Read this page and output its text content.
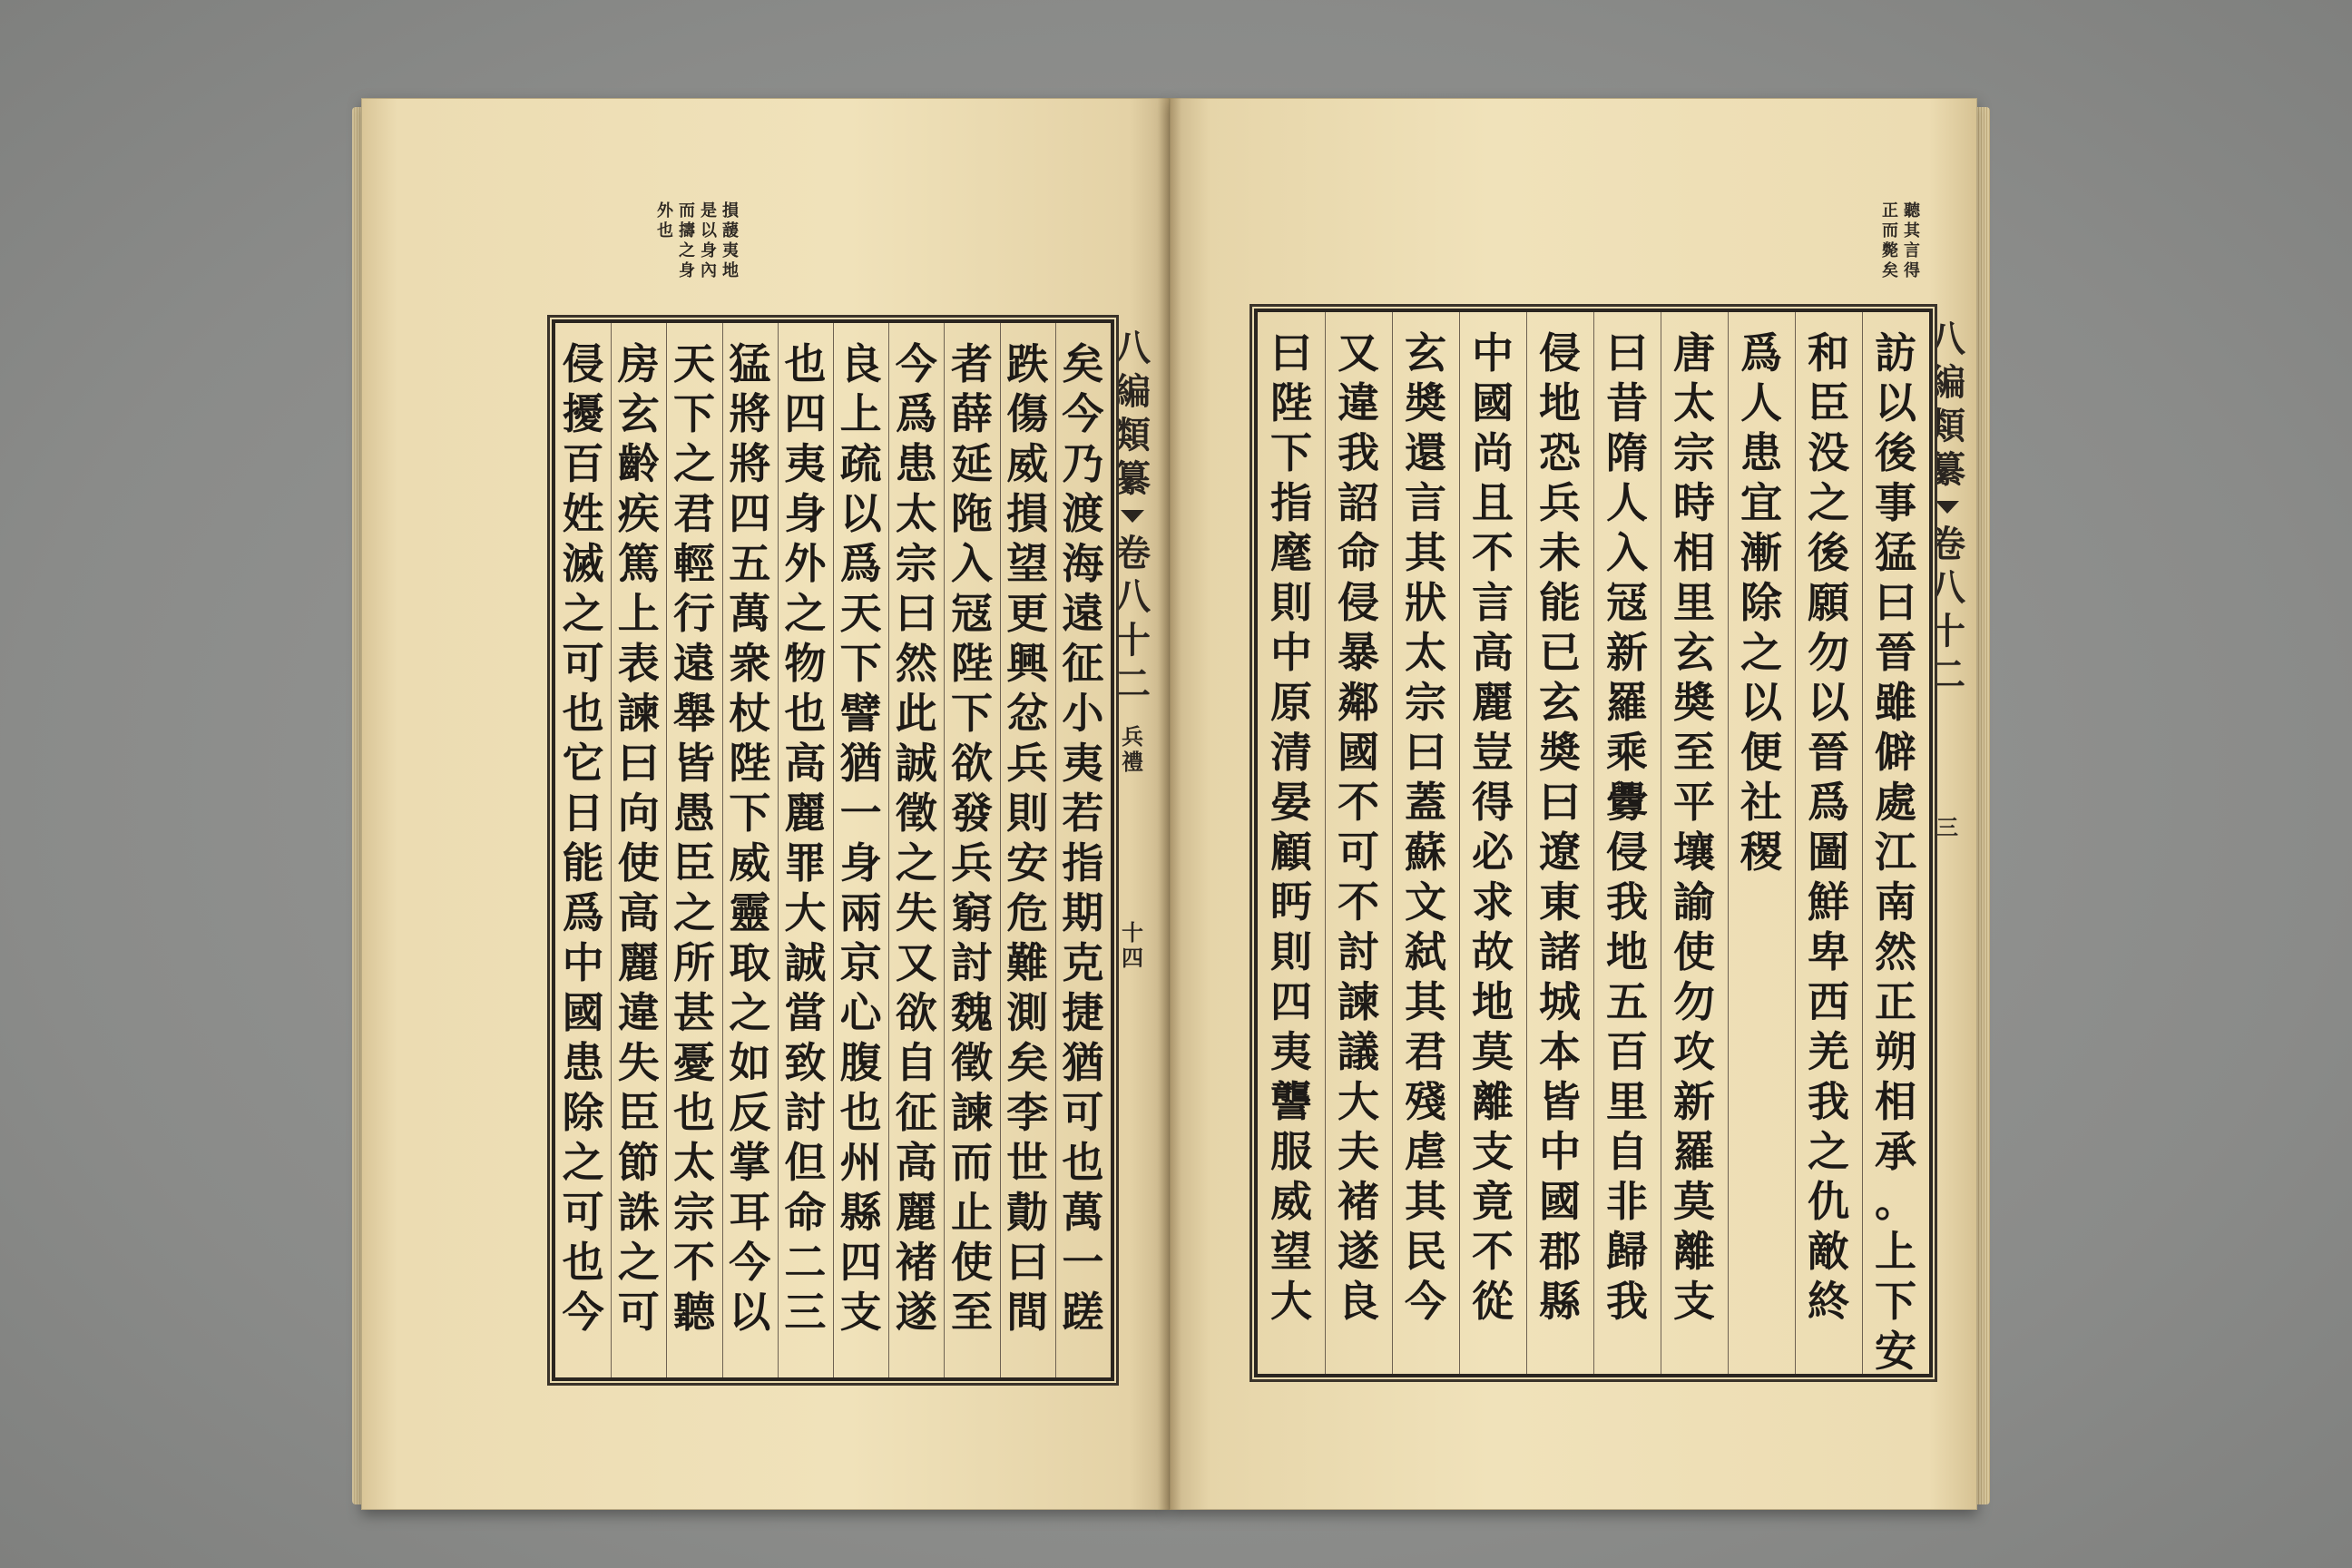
損
蘐
夷
地
是
以
身
內
而
擣
之
身
外
也
八
編
類
纂
卷
八
十
二
兵
禮
十
四
矣
今
乃
渡
海
遠
征
小
夷
若
指
期
克
捷
猶
可
也
萬
一
蹉
跌
傷
威
損
望
更
興
忿
兵
則
安
危
難
測
矣
李
世
勣
曰
間
者
薛
延
陁
入
冦
陛
下
欲
發
兵
窮
討
魏
徵
諫
而
止
使
至
今
爲
患
太
宗
曰
然
此
誠
徵
之
失
又
欲
自
征
高
麗
褚
遂
良
上
疏
以
爲
天
下
譬
猶
一
身
兩
京
心
腹
也
州
縣
四
支
也
四
夷
身
外
之
物
也
高
麗
罪
大
誠
當
致
討
但
命
二
三
猛
將
將
四
五
萬
衆
杖
陛
下
威
靈
取
之
如
反
掌
耳
今
以
天
下
之
君
輕
行
遠
舉
皆
愚
臣
之
所
甚
憂
也
太
宗
不
聽
房
玄
齡
疾
篤
上
表
諫
曰
向
使
高
麗
違
失
臣
節
誅
之
可
侵
擾
百
姓
滅
之
可
也
它
日
能
爲
中
國
患
除
之
可
也
今
聽
其
言
得
正
而
斃
矣
八
編
類
纂
卷
八
十
二
三
訪
以
後
事
猛
曰
晉
雖
僻
處
江
南
然
正
朔
相
承
。
上
下
安
和
臣
没
之
後
願
勿
以
晉
爲
圖
鮮
卑
西
羌
我
之
仇
敵
終
爲
人
患
宜
漸
除
之
以
便
社
稷
唐
太
宗
時
相
里
玄
奬
至
平
壤
諭
使
勿
攻
新
羅
莫
離
支
曰
昔
隋
人
入
冦
新
羅
乘
釁
侵
我
地
五
百
里
自
非
歸
我
侵
地
恐
兵
未
能
已
玄
奬
曰
遼
東
諸
城
本
皆
中
國
郡
縣
中
國
尚
且
不
言
高
麗
豈
得
必
求
故
地
莫
離
支
竟
不
從
玄
奬
還
言
其
狀
太
宗
曰
蓋
蘇
文
弑
其
君
殘
虐
其
民
今
又
違
我
詔
命
侵
暴
鄰
國
不
可
不
討
諫
議
大
夫
褚
遂
良
曰
陛
下
指
麾
則
中
原
清
晏
顧
眄
則
四
夷
讋
服
威
望
大
